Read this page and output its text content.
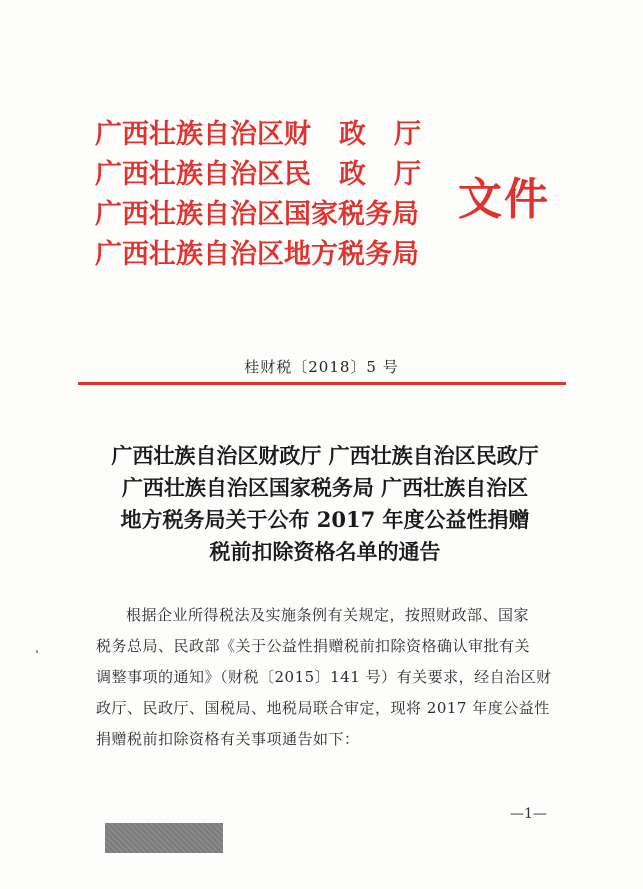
广西壮族自治区财 政 厅
广西壮族自治区民 政 厅
广西壮族自治区国家税务局
广西壮族自治区地方税务局
文件
桂财税〔2018〕5 号
广西壮族自治区财政厅 广西壮族自治区民政厅
广西壮族自治区国家税务局 广西壮族自治区
地方税务局关于公布 2017 年度公益性捐赠
税前扣除资格名单的通告
根据企业所得税法及实施条例有关规定，按照财政部、国家
税务总局、民政部《关于公益性捐赠税前扣除资格确认审批有关
调整事项的通知》（财税〔2015〕141 号）有关要求，经自治区财
政厅、民政厅、国税局、地税局联合审定，现将 2017 年度公益性
捐赠税前扣除资格有关事项通告如下：
—1—
